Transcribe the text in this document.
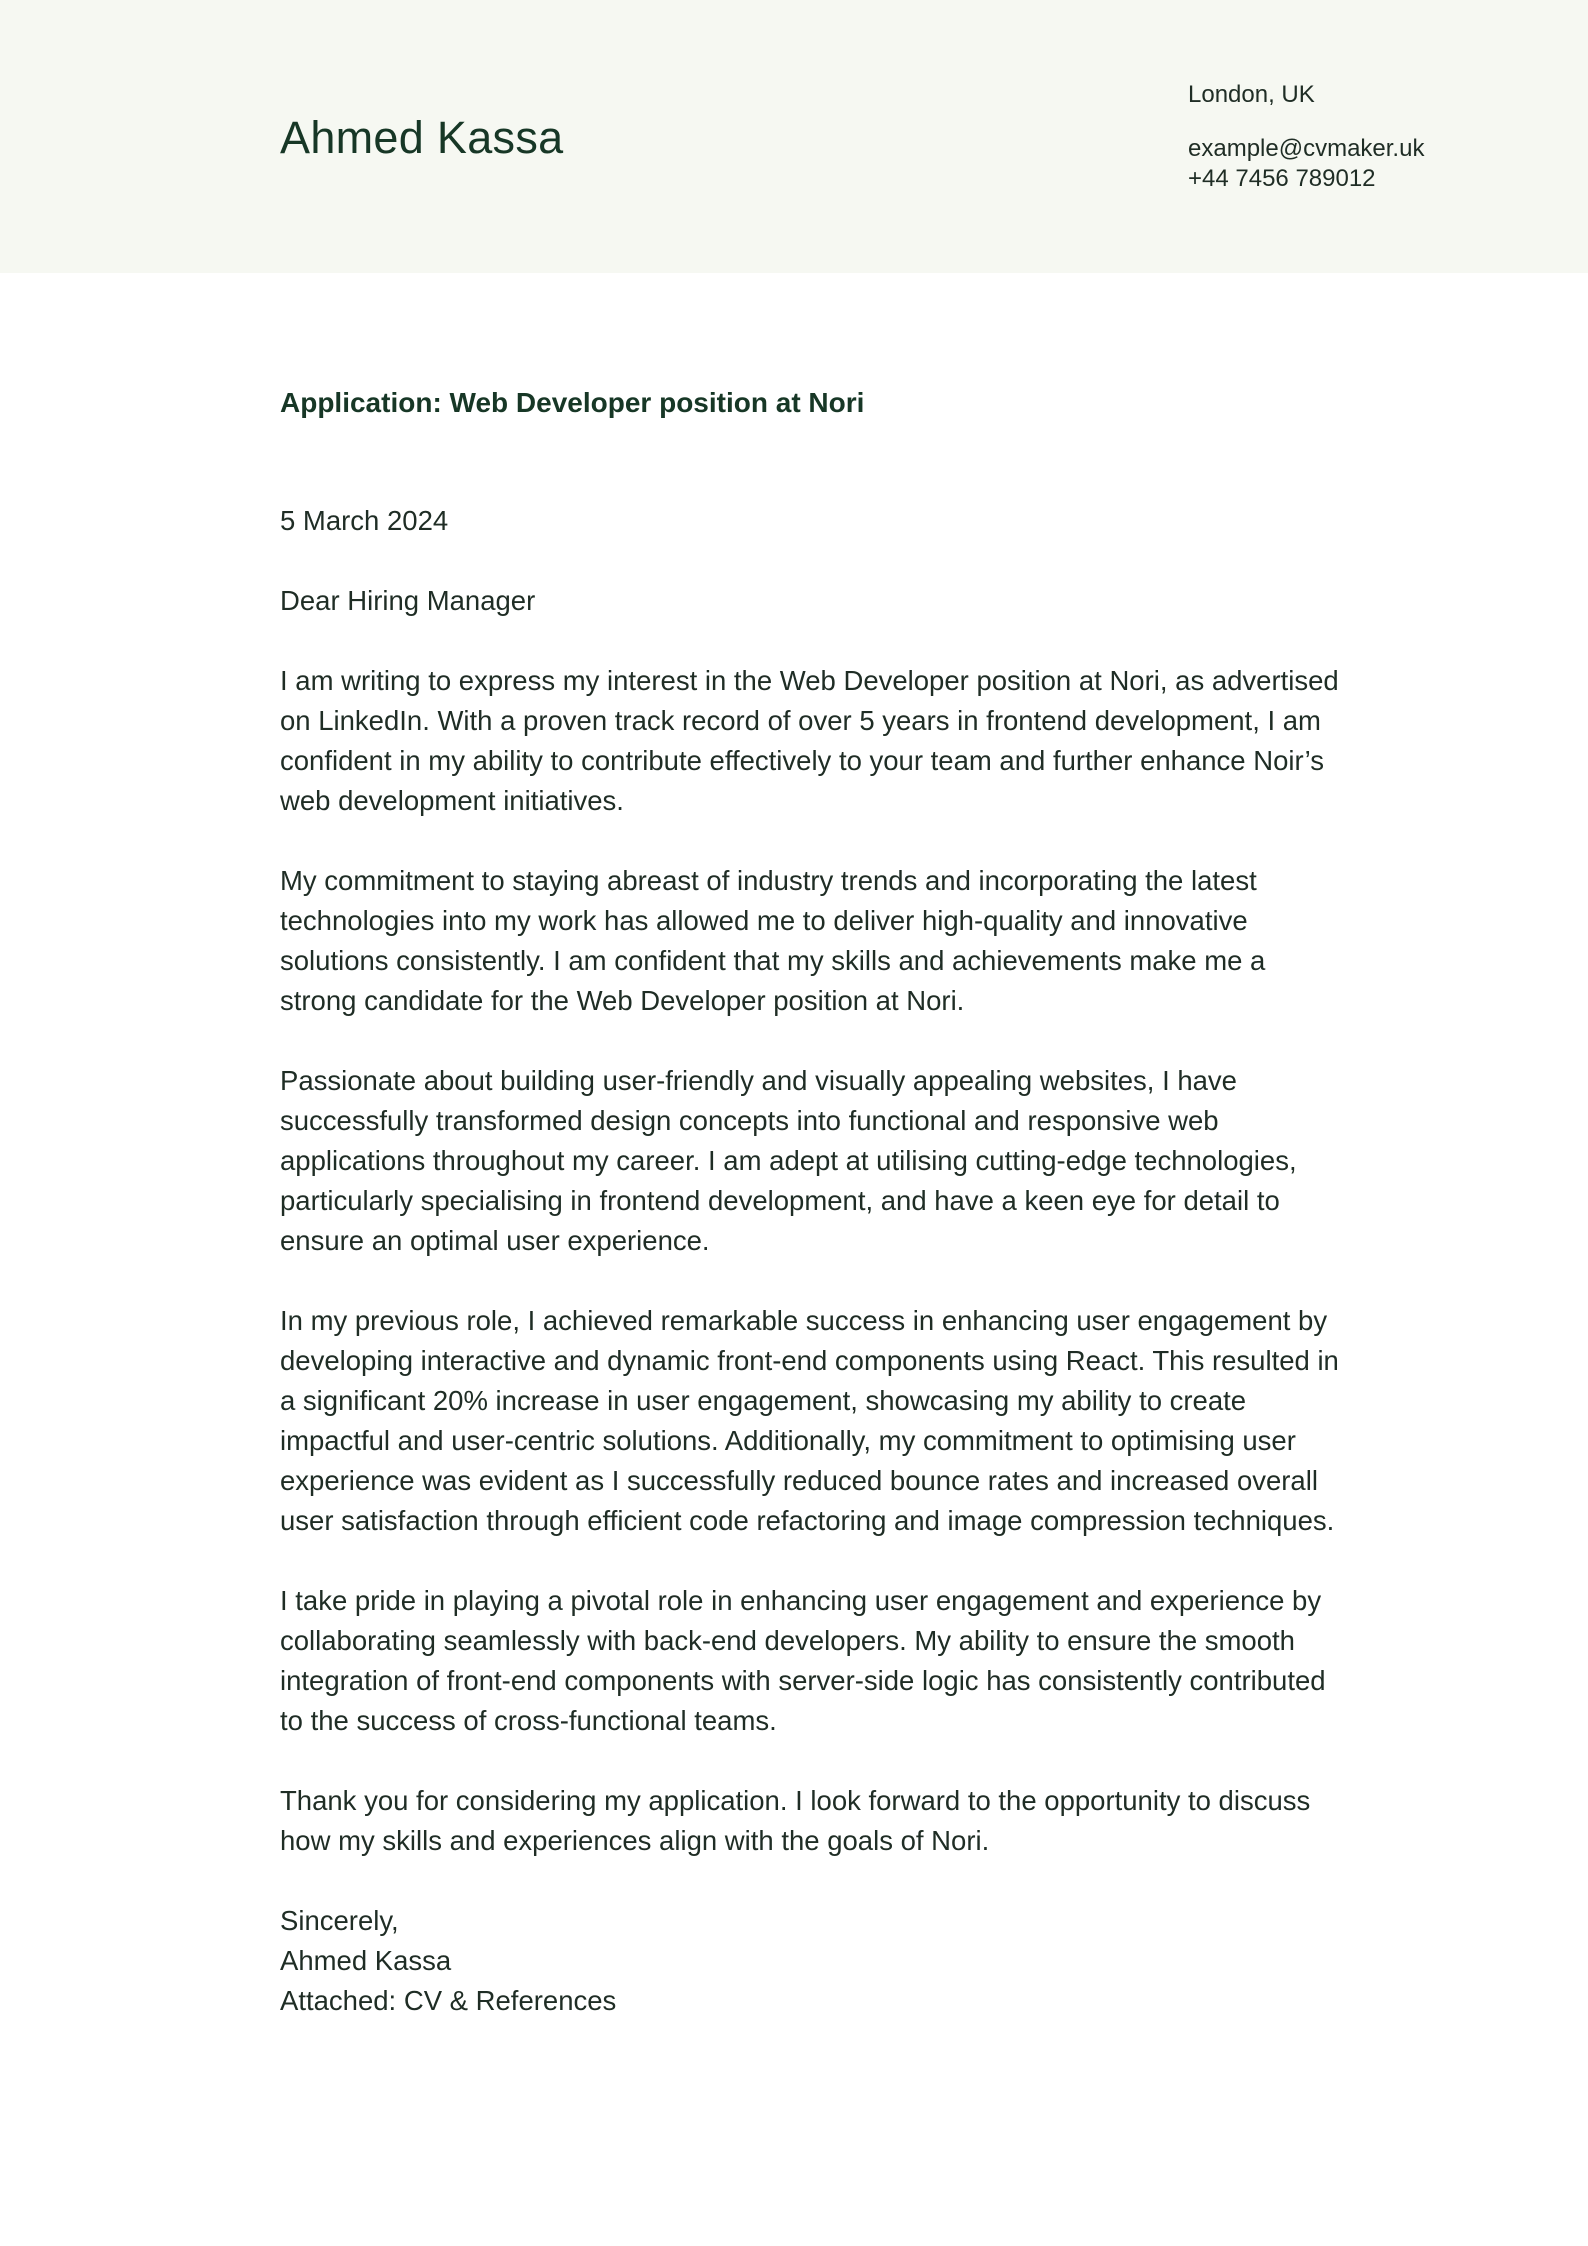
Ahmed Kassa
London, UK
example@cvmaker.uk
+44 7456 789012
Application: Web Developer position at Nori

5 March 2024

Dear Hiring Manager

I am writing to express my interest in the Web Developer position at Nori, as advertised on LinkedIn. With a proven track record of over 5 years in frontend development, I am confident in my ability to contribute effectively to your team and further enhance Noir’s web development initiatives.

My commitment to staying abreast of industry trends and incorporating the latest technologies into my work has allowed me to deliver high-quality and innovative solutions consistently. I am confident that my skills and achievements make me a strong candidate for the Web Developer position at Nori.

Passionate about building user-friendly and visually appealing websites, I have successfully transformed design concepts into functional and responsive web applications throughout my career. I am adept at utilising cutting-edge technologies, particularly specialising in frontend development, and have a keen eye for detail to ensure an optimal user experience.

In my previous role, I achieved remarkable success in enhancing user engagement by developing interactive and dynamic front-end components using React. This resulted in a significant 20% increase in user engagement, showcasing my ability to create impactful and user-centric solutions. Additionally, my commitment to optimising user experience was evident as I successfully reduced bounce rates and increased overall user satisfaction through efficient code refactoring and image compression techniques.

I take pride in playing a pivotal role in enhancing user engagement and experience by collaborating seamlessly with back-end developers. My ability to ensure the smooth integration of front-end components with server-side logic has consistently contributed to the success of cross-functional teams.

Thank you for considering my application. I look forward to the opportunity to discuss how my skills and experiences align with the goals of Nori.

Sincerely,

Ahmed Kassa

Attached: CV & References
